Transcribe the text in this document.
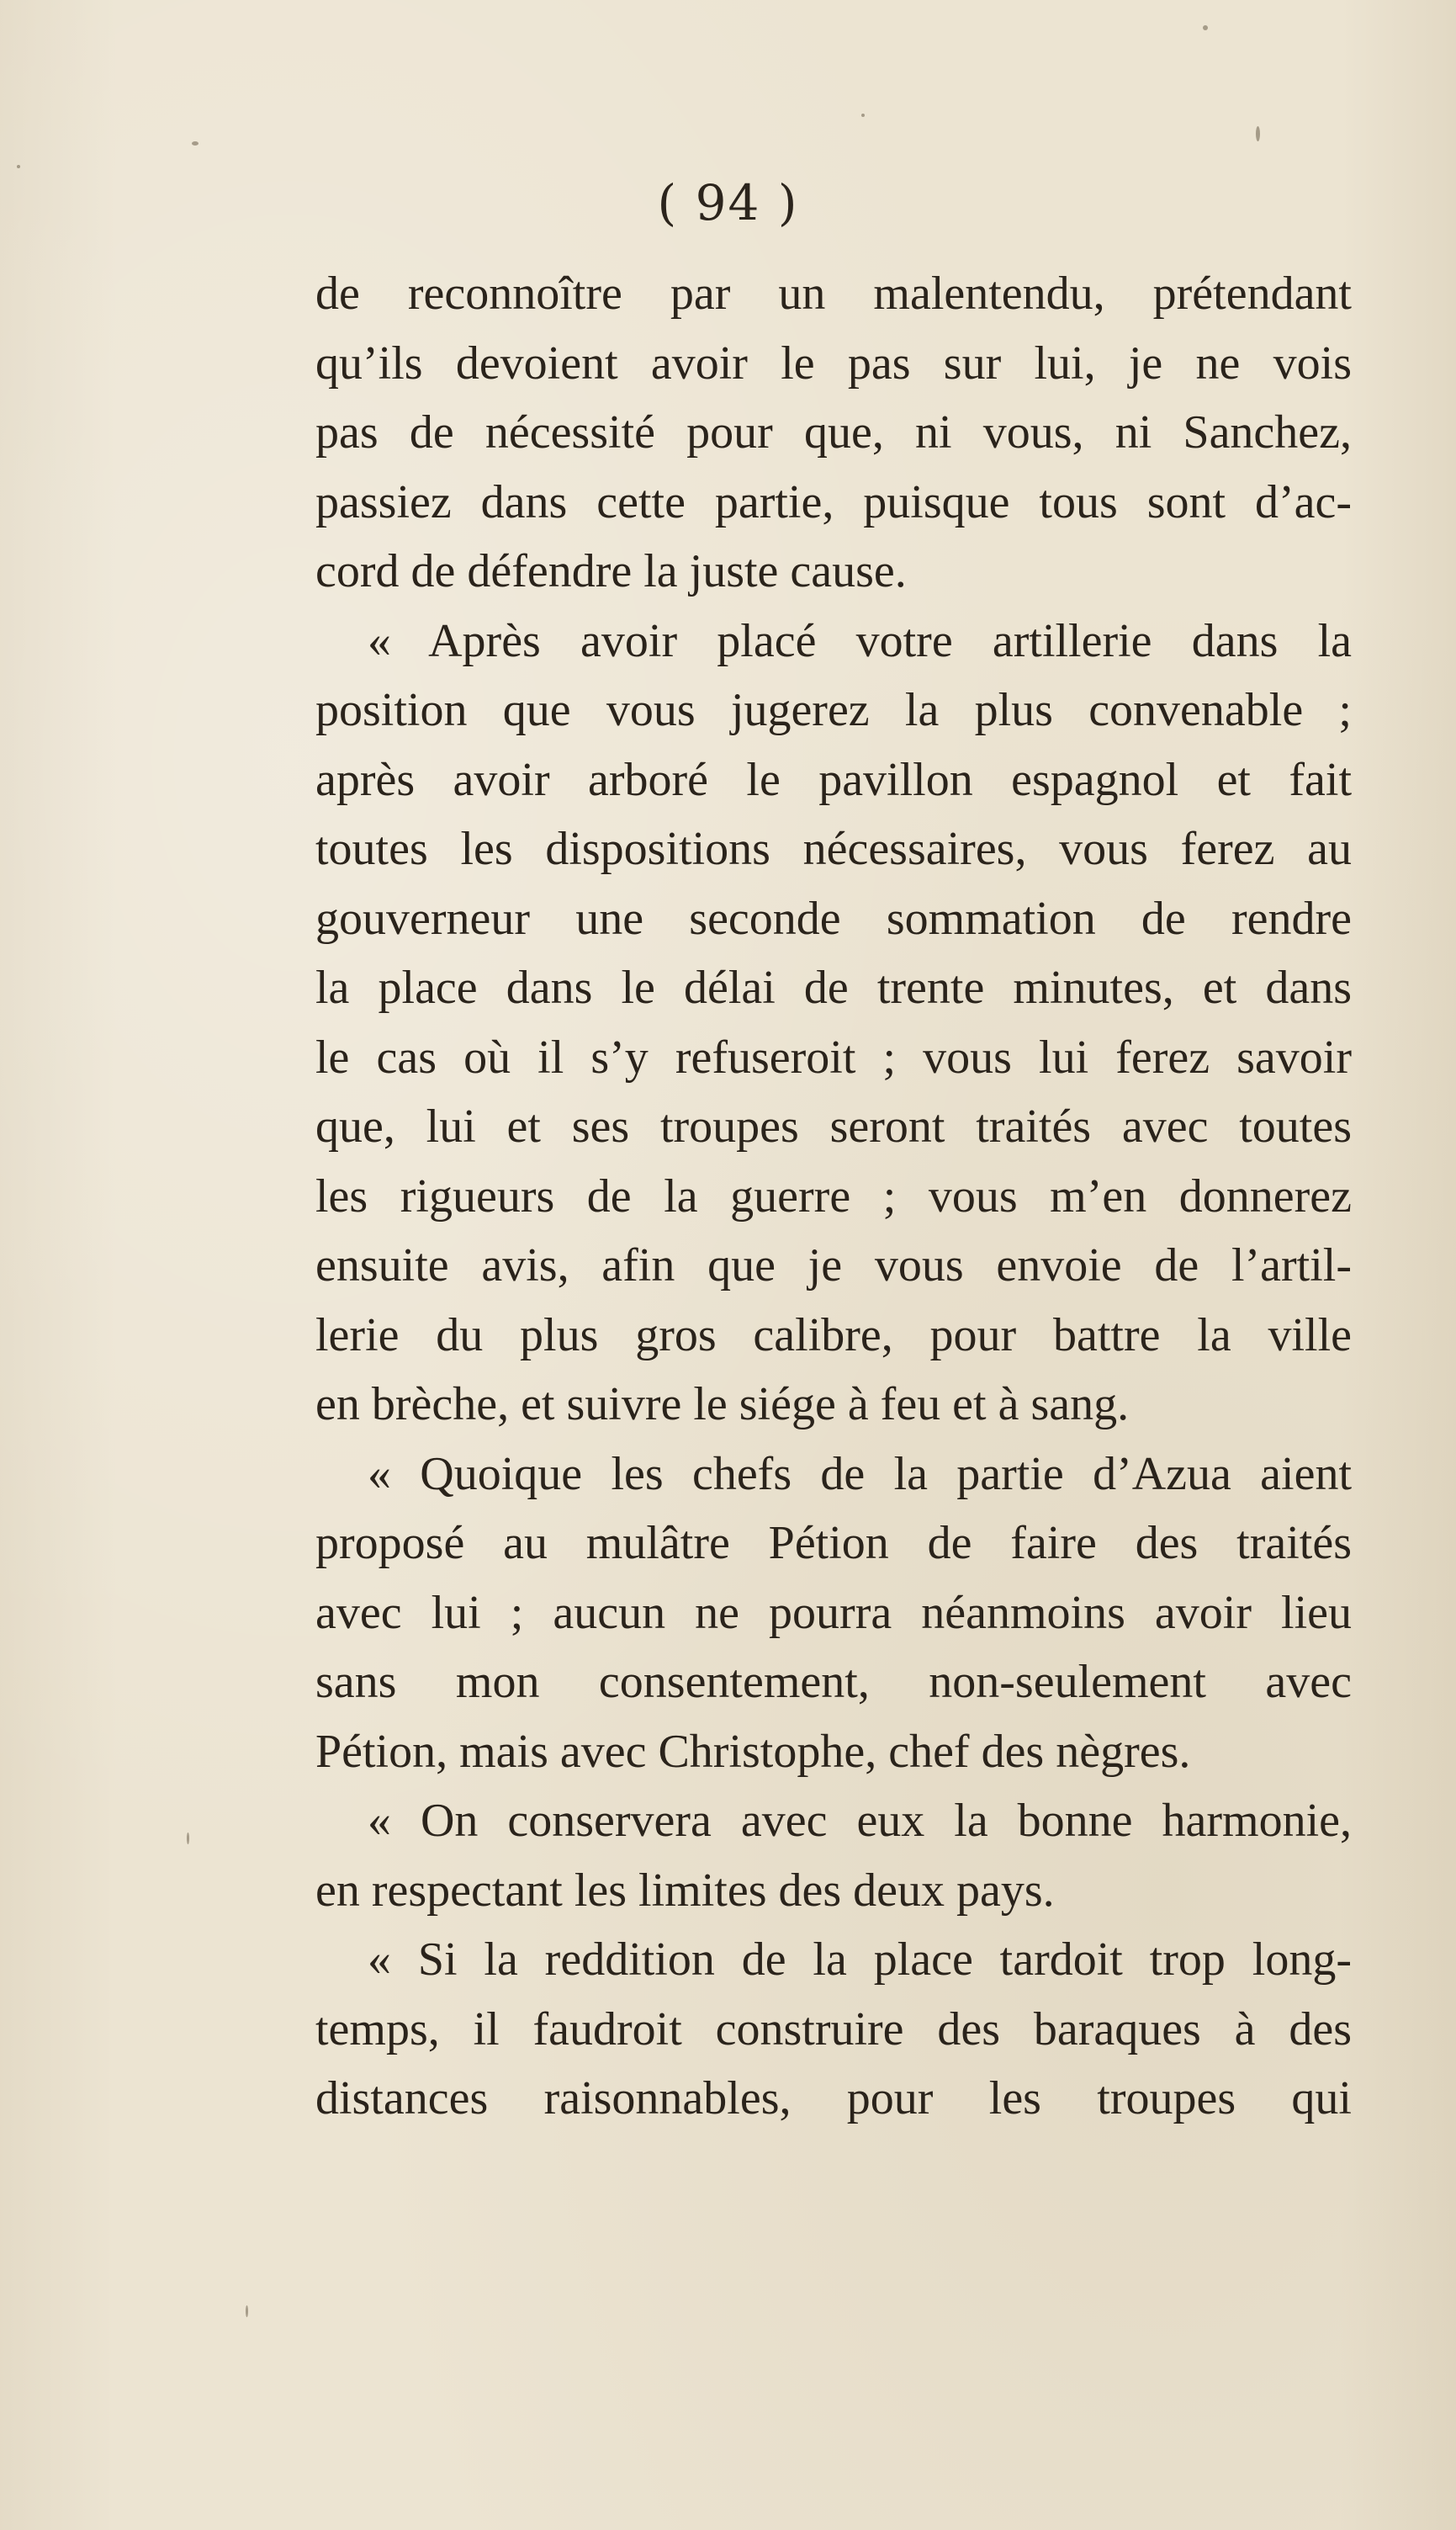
( 94 )
de reconnoître par un malentendu, prétendant
qu’ils devoient avoir le pas sur lui, je ne vois
pas de nécessité pour que, ni vous, ni Sanchez,
passiez dans cette partie, puisque tous sont d’ac-
cord de défendre la juste cause.
« Après avoir placé votre artillerie dans la
position que vous jugerez la plus convenable ;
après avoir arboré le pavillon espagnol et fait
toutes les dispositions nécessaires, vous ferez au
gouverneur une seconde sommation de rendre
la place dans le délai de trente minutes, et dans
le cas où il s’y refuseroit ; vous lui ferez savoir
que, lui et ses troupes seront traités avec toutes
les rigueurs de la guerre ; vous m’en donnerez
ensuite avis, afin que je vous envoie de l’artil-
lerie du plus gros calibre, pour battre la ville
en brèche, et suivre le siége à feu et à sang.
« Quoique les chefs de la partie d’Azua aient
proposé au mulâtre Pétion de faire des traités
avec lui ; aucun ne pourra néanmoins avoir lieu
sans mon consentement, non-seulement avec
Pétion, mais avec Christophe, chef des nègres.
« On conservera avec eux la bonne harmonie,
en respectant les limites des deux pays.
« Si la reddition de la place tardoit trop long-
temps, il faudroit construire des baraques à des
distances raisonnables, pour les troupes qui
